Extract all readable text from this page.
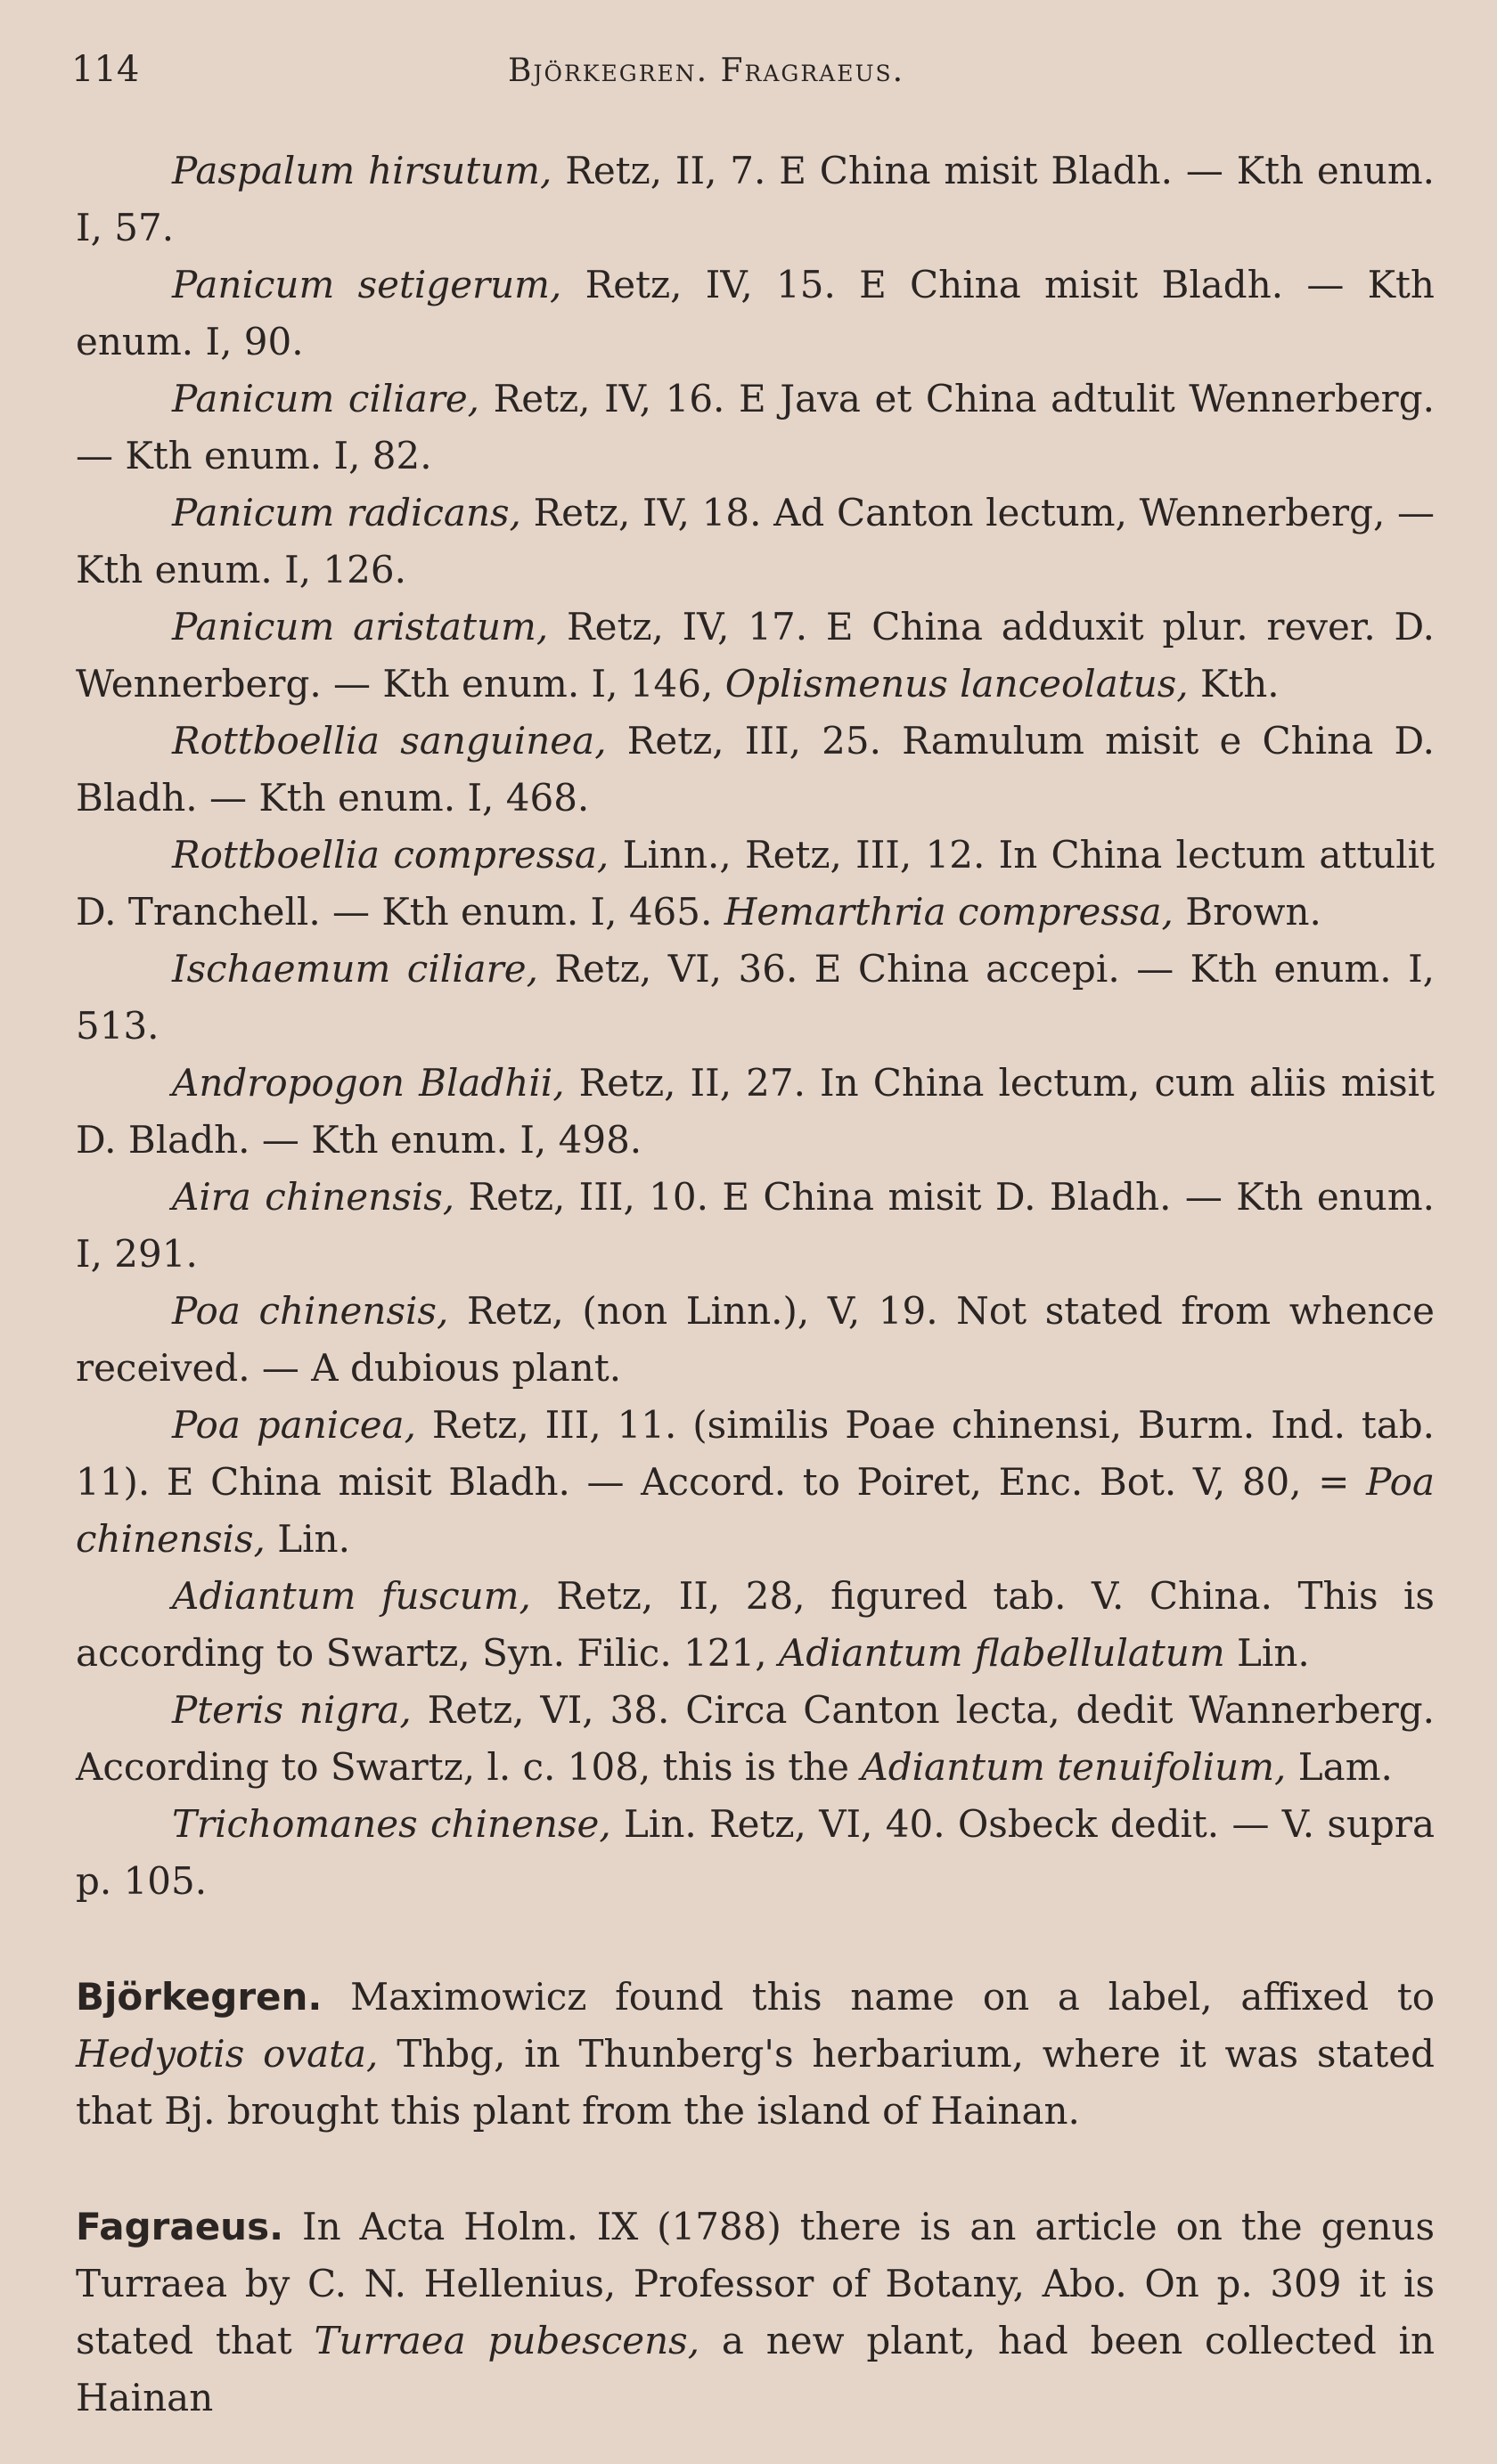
114	Björkegren. Fragraeus.

Paspalum hirsutum, Retz, II, 7. E China misit Bladh. — Kth enum. I, 57.

Panicum setigerum, Retz, IV, 15. E China misit Bladh. — Kth enum. I, 90.

Panicum ciliare, Retz, IV, 16. E Java et China adtulit Wennerberg. — Kth enum. I, 82.

Panicum radicans, Retz, IV, 18. Ad Canton lectum, Wennerberg, — Kth enum. I, 126.

Panicum aristatum, Retz, IV, 17. E China adduxit plur. rever. D. Wennerberg. — Kth enum. I, 146, Oplismenus lanceolatus, Kth.

Rottboellia sanguinea, Retz, III, 25. Ramulum misit e China D. Bladh. — Kth enum. I, 468.

Rottboellia compressa, Linn., Retz, III, 12. In China lectum attulit D. Tranchell. — Kth enum. I, 465. Hemarthria compressa, Brown.

Ischaemum ciliare, Retz, VI, 36. E China accepi. — Kth enum. I, 513.

Andropogon Bladhii, Retz, II, 27. In China lectum, cum aliis misit D. Bladh. — Kth enum. I, 498.

Aira chinensis, Retz, III, 10. E China misit D. Bladh. — Kth enum. I, 291.

Poa chinensis, Retz, (non Linn.), V, 19. Not stated from whence received. — A dubious plant.

Poa panicea, Retz, III, 11. (similis Poae chinensi, Burm. Ind. tab. 11). E China misit Bladh. — Accord. to Poiret, Enc. Bot. V, 80, = Poa chinensis, Lin.

Adiantum fuscum, Retz, II, 28, figured tab. V. China. This is according to Swartz, Syn. Filic. 121, Adiantum flabellulatum Lin.

Pteris nigra, Retz, VI, 38. Circa Canton lecta, dedit Wannerberg. According to Swartz, l. c. 108, this is the Adiantum tenuifolium, Lam.

Trichomanes chinense, Lin. Retz, VI, 40. Osbeck dedit. — V. supra p. 105.

Björkegren. Maximowicz found this name on a label, affixed to Hedyotis ovata, Thbg, in Thunberg's herbarium, where it was stated that Bj. brought this plant from the island of Hainan.

Fagraeus. In Acta Holm. IX (1788) there is an article on the genus Turraea by C. N. Hellenius, Professor of Botany, Abo. On p. 309 it is stated that Turraea pubescens, a new plant, had been collected in Hainan
